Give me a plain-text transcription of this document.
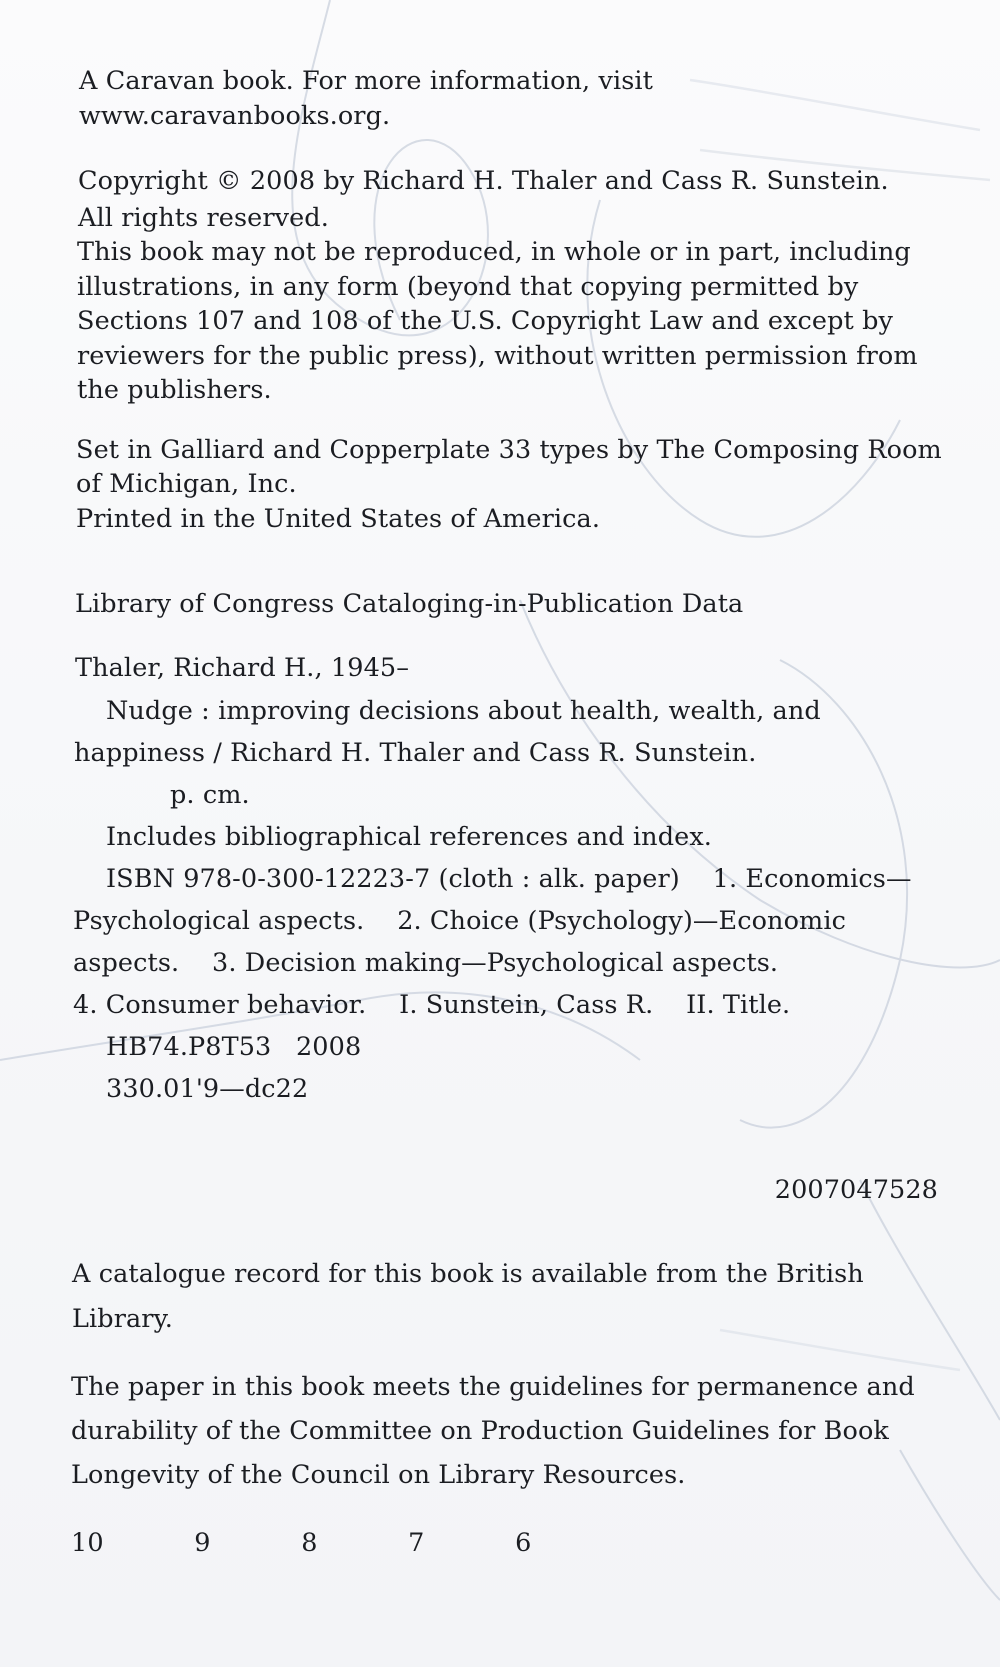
A Caravan book. For more information, visit
www.caravanbooks.org.
Copyright © 2008 by Richard H. Thaler and Cass R. Sunstein.
All rights reserved.
This book may not be reproduced, in whole or in part, including
illustrations, in any form (beyond that copying permitted by
Sections 107 and 108 of the U.S. Copyright Law and except by
reviewers for the public press), without written permission from
the publishers.
Set in Galliard and Copperplate 33 types by The Composing Room
of Michigan, Inc.
Printed in the United States of America.
Library of Congress Cataloging-in-Publication Data
Thaler, Richard H., 1945–
Nudge : improving decisions about health, wealth, and
happiness / Richard H. Thaler and Cass R. Sunstein.
p. cm.
Includes bibliographical references and index.
ISBN 978-0-300-12223-7 (cloth : alk. paper)    1. Economics—
Psychological aspects.    2. Choice (Psychology)—Economic
aspects.    3. Decision making—Psychological aspects.
4. Consumer behavior.    I. Sunstein, Cass R.    II. Title.
HB74.P8T53   2008
330.01'9—dc22
2007047528
A catalogue record for this book is available from the British
Library.
The paper in this book meets the guidelines for permanence and
durability of the Committee on Production Guidelines for Book
Longevity of the Council on Library Resources.
10   9   8   7   6
